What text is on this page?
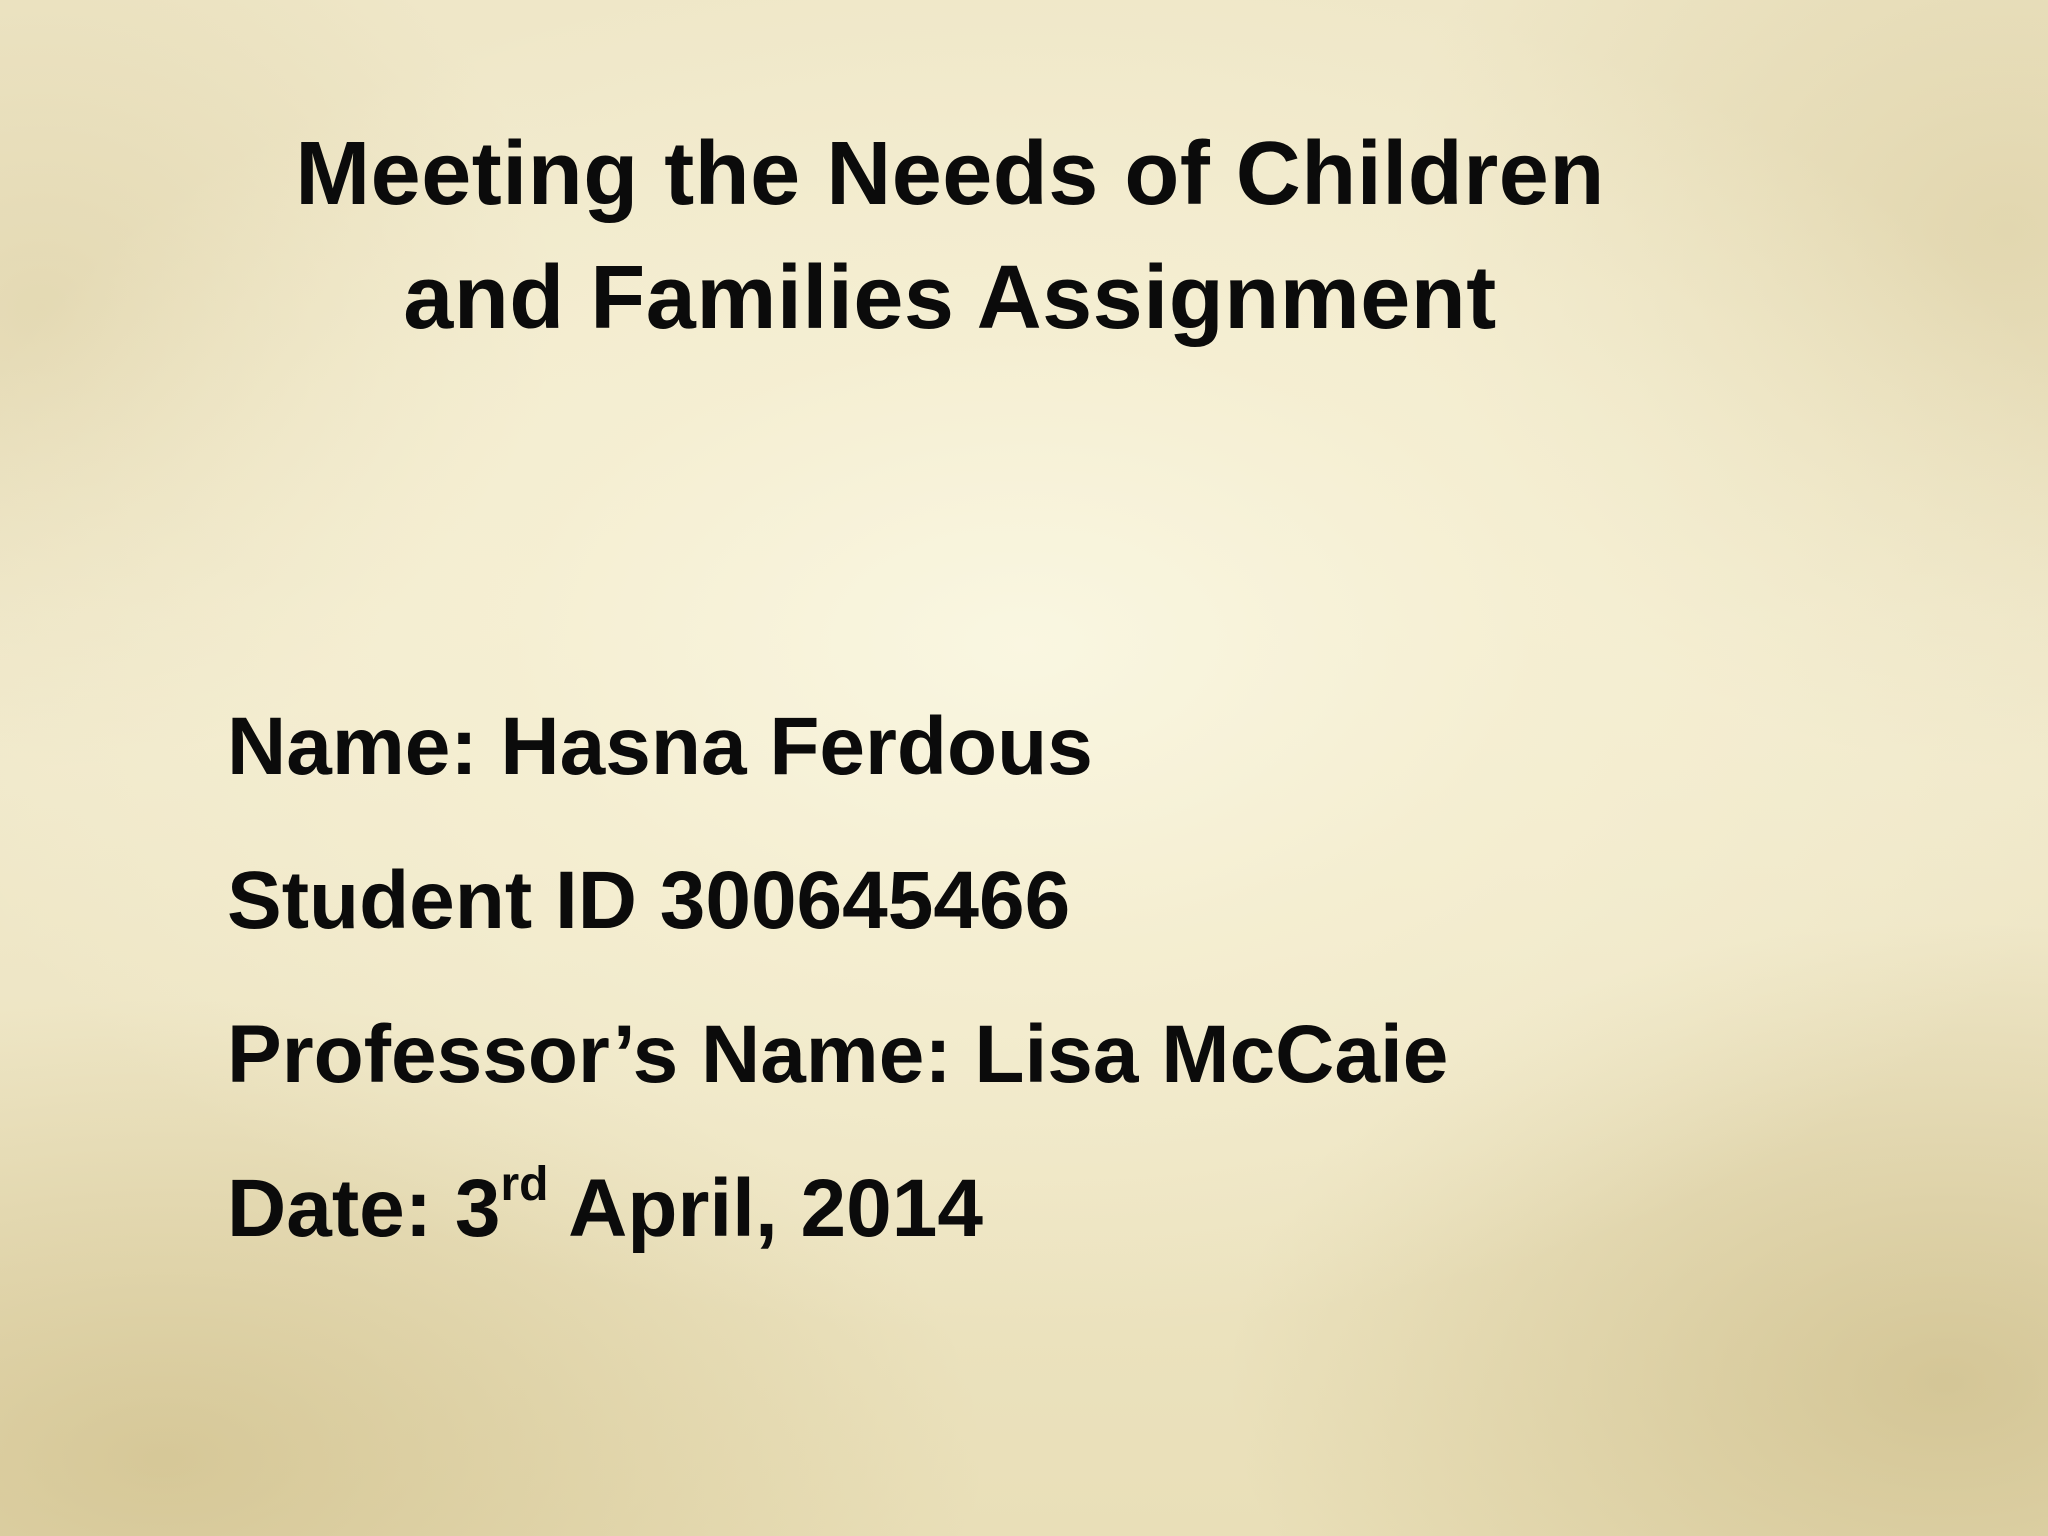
Meeting the Needs of Children
and Families Assignment

Name: Hasna Ferdous

Student ID 300645466

Professor’s Name: Lisa McCaie

Date: 3rd April, 2014
